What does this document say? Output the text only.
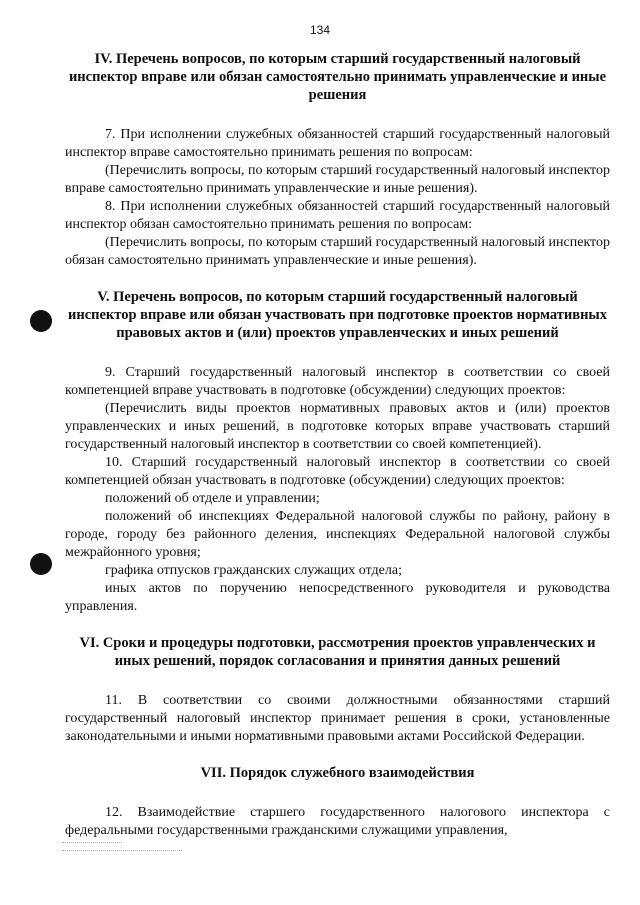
134
IV. Перечень вопросов, по которым старший государственный налоговый инспектор вправе или обязан самостоятельно принимать управленческие и иные решения

7. При исполнении служебных обязанностей старший государственный налоговый инспектор вправе самостоятельно принимать решения по вопросам:

(Перечислить вопросы, по которым старший государственный налоговый инспектор вправе самостоятельно принимать управленческие и иные решения).

8. При исполнении служебных обязанностей старший государственный налоговый инспектор обязан самостоятельно принимать решения по вопросам:

(Перечислить вопросы, по которым старший государственный налоговый инспектор обязан самостоятельно принимать управленческие и иные решения).

V. Перечень вопросов, по которым старший государственный налоговый инспектор вправе или обязан участвовать при подготовке проектов нормативных правовых актов и (или) проектов управленческих и иных решений

9. Старший государственный налоговый инспектор в соответствии со своей компетенцией вправе участвовать в подготовке (обсуждении) следующих проектов:

(Перечислить виды проектов нормативных правовых актов и (или) проектов управленческих и иных решений, в подготовке которых вправе участвовать старший государственный налоговый инспектор в соответствии со своей компетенцией).

10. Старший государственный налоговый инспектор в соответствии со своей компетенцией обязан участвовать в подготовке (обсуждении) следующих проектов:

положений об отделе и управлении;

положений об инспекциях Федеральной налоговой службы по району, району в городе, городу без районного деления, инспекциях Федеральной налоговой службы межрайонного уровня;

графика отпусков гражданских служащих отдела;

иных актов по поручению непосредственного руководителя и руководства управления.

VI. Сроки и процедуры подготовки, рассмотрения проектов управленческих и иных решений, порядок согласования и принятия данных решений

11. В соответствии со своими должностными обязанностями старший государственный налоговый инспектор принимает решения в сроки, установленные законодательными и иными нормативными правовыми актами Российской Федерации.

VII. Порядок служебного взаимодействия

12. Взаимодействие старшего государственного налогового инспектора с федеральными государственными гражданскими служащими управления,
